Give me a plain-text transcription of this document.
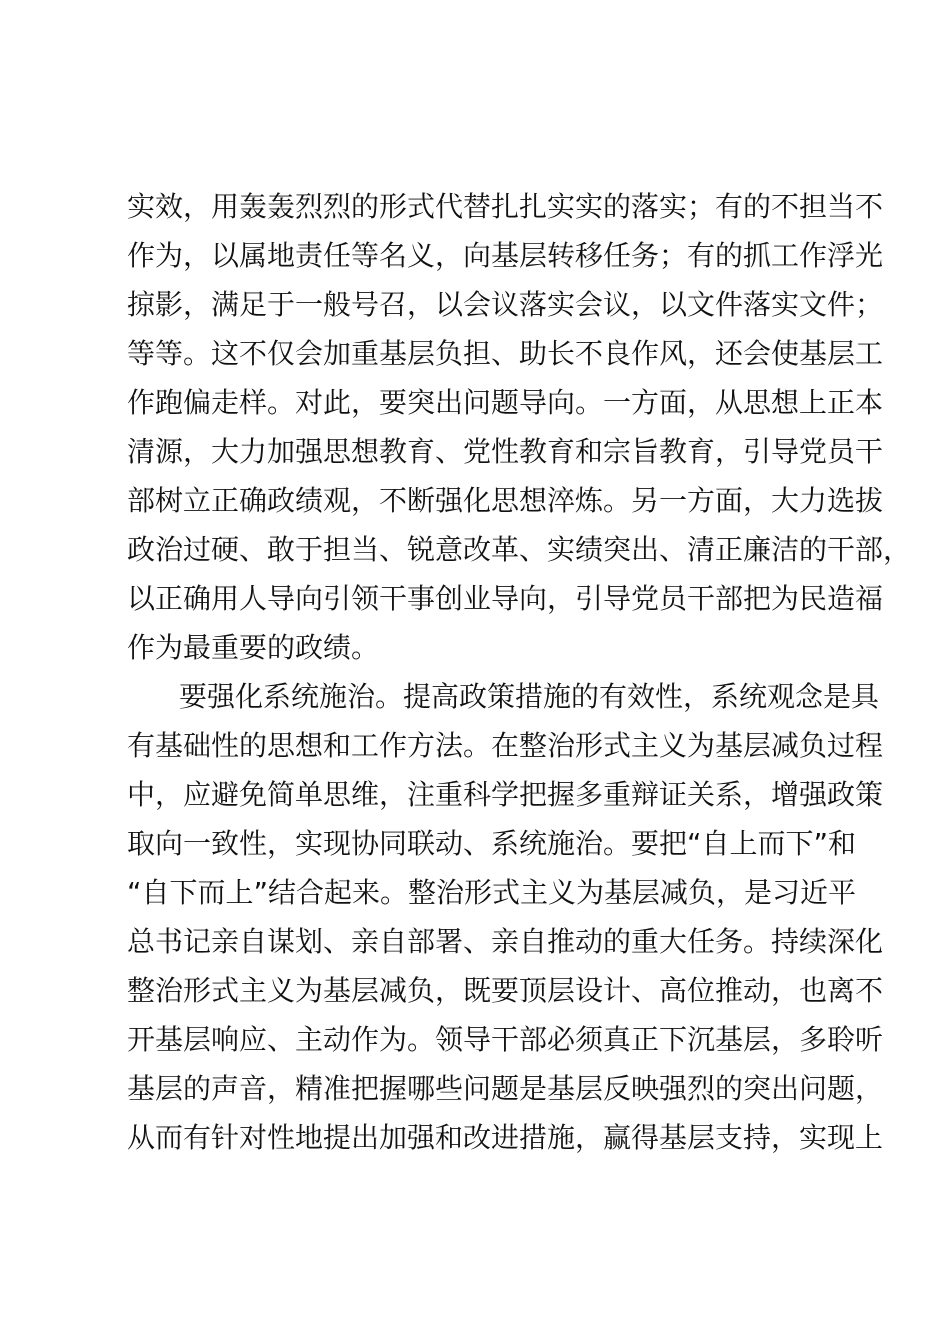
实效，用轰轰烈烈的形式代替扎扎实实的落实；有的不担当不
作为，以属地责任等名义，向基层转移任务；有的抓工作浮光
掠影，满足于一般号召，以会议落实会议，以文件落实文件；
等等。这不仅会加重基层负担、助长不良作风，还会使基层工
作跑偏走样。对此，要突出问题导向。一方面，从思想上正本
清源，大力加强思想教育、党性教育和宗旨教育，引导党员干
部树立正确政绩观，不断强化思想淬炼。另一方面，大力选拔
政治过硬、敢于担当、锐意改革、实绩突出、清正廉洁的干部，
以正确用人导向引领干事创业导向，引导党员干部把为民造福
作为最重要的政绩。
要强化系统施治。提高政策措施的有效性，系统观念是具
有基础性的思想和工作方法。在整治形式主义为基层减负过程
中，应避免简单思维，注重科学把握多重辩证关系，增强政策
取向一致性，实现协同联动、系统施治。要把“自上而下”和
“自下而上”结合起来。整治形式主义为基层减负，是习近平
总书记亲自谋划、亲自部署、亲自推动的重大任务。持续深化
整治形式主义为基层减负，既要顶层设计、高位推动，也离不
开基层响应、主动作为。领导干部必须真正下沉基层，多聆听
基层的声音，精准把握哪些问题是基层反映强烈的突出问题，
从而有针对性地提出加强和改进措施，赢得基层支持，实现上
